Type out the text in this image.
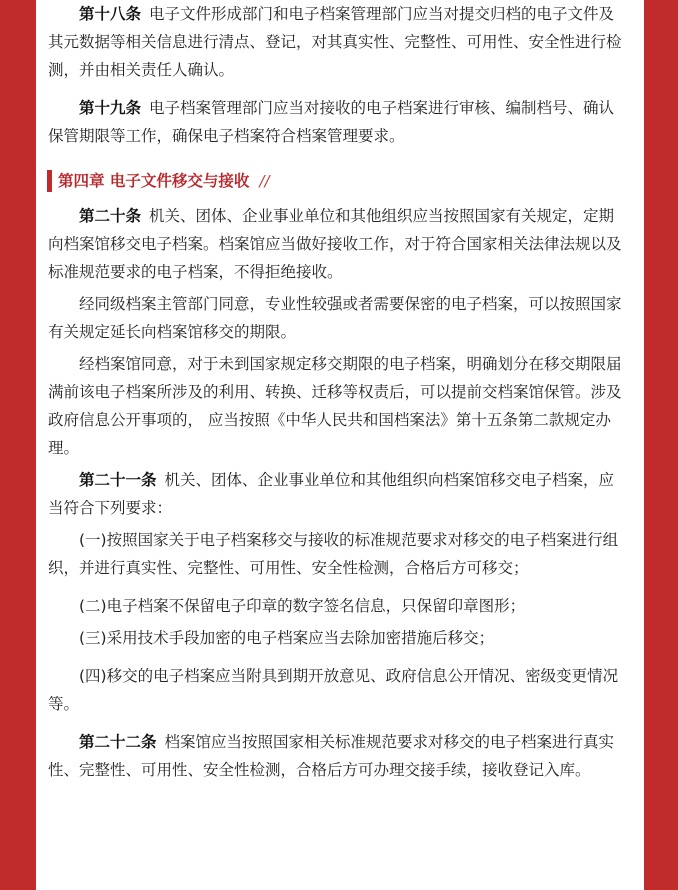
第十八条 电子文件形成部门和电子档案管理部门应当对提交归档的电子文件及其元数据等相关信息进行清点、登记，对其真实性、完整性、可用性、安全性进行检测，并由相关责任人确认。

第十九条 电子档案管理部门应当对接收的电子档案进行审核、编制档号、确认保管期限等工作，确保电子档案符合档案管理要求。

第四章 电子文件移交与接收 //

第二十条 机关、团体、企业事业单位和其他组织应当按照国家有关规定，定期向档案馆移交电子档案。档案馆应当做好接收工作，对于符合国家相关法律法规以及标准规范要求的电子档案，不得拒绝接收。

经同级档案主管部门同意，专业性较强或者需要保密的电子档案，可以按照国家有关规定延长向档案馆移交的期限。

经档案馆同意，对于未到国家规定移交期限的电子档案，明确划分在移交期限届满前该电子档案所涉及的利用、转换、迁移等权责后，可以提前交档案馆保管。涉及政府信息公开事项的， 应当按照《中华人民共和国档案法》第十五条第二款规定办理。

第二十一条 机关、团体、企业事业单位和其他组织向档案馆移交电子档案，应当符合下列要求：

(一)按照国家关于电子档案移交与接收的标准规范要求对移交的电子档案进行组织，并进行真实性、完整性、可用性、安全性检测，合格后方可移交；

(二)电子档案不保留电子印章的数字签名信息，只保留印章图形；

(三)采用技术手段加密的电子档案应当去除加密措施后移交；

(四)移交的电子档案应当附具到期开放意见、政府信息公开情况、密级变更情况等。

第二十二条 档案馆应当按照国家相关标准规范要求对移交的电子档案进行真实性、完整性、可用性、安全性检测，合格后方可办理交接手续，接收登记入库。
